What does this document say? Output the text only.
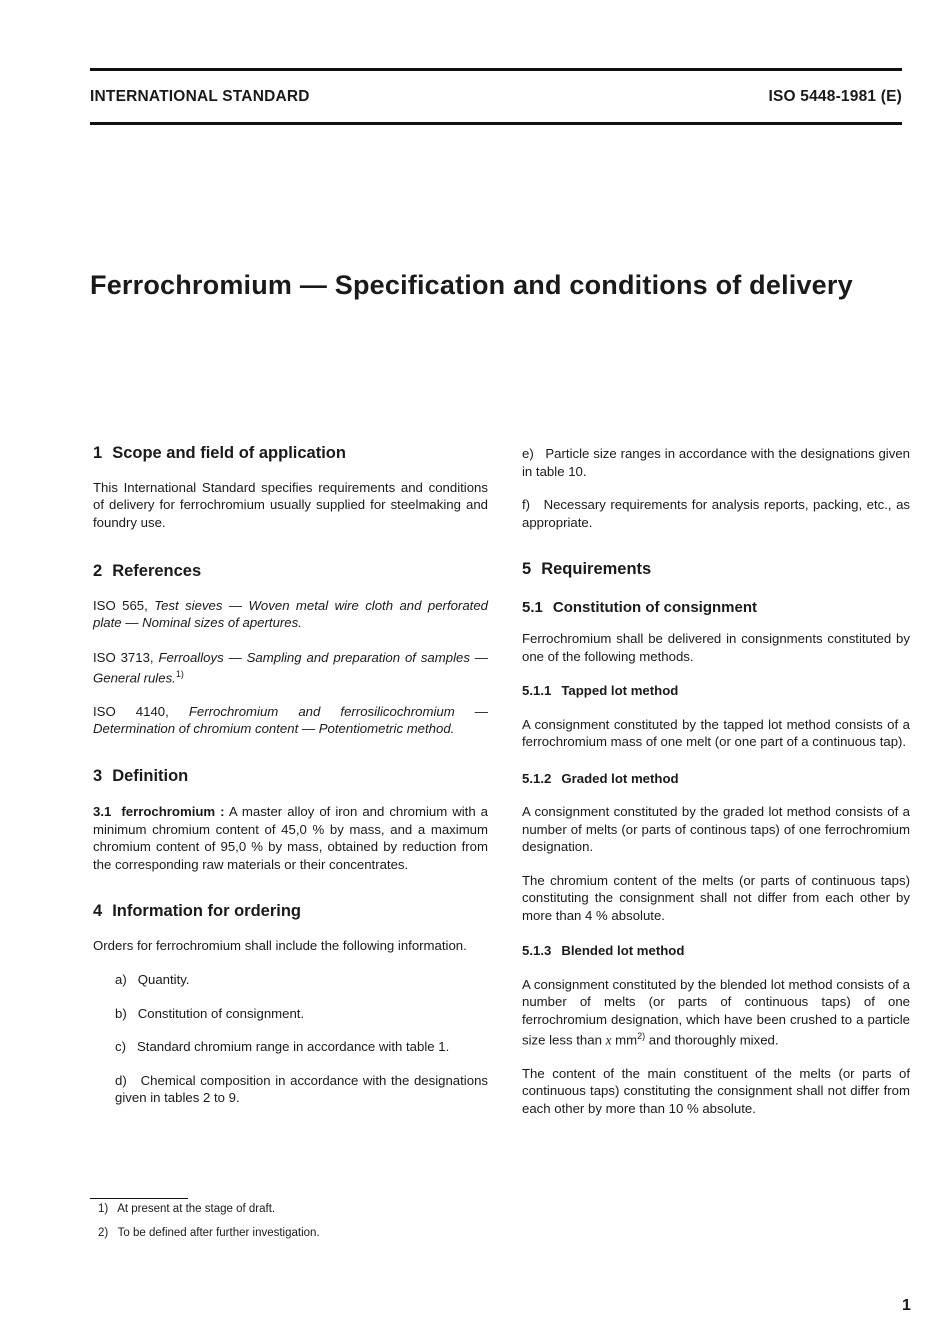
INTERNATIONAL STANDARD	ISO 5448-1981 (E)
Ferrochromium — Specification and conditions of delivery
1 Scope and field of application

This International Standard specifies requirements and conditions of delivery for ferrochromium usually supplied for steelmaking and foundry use.

2 References

ISO 565, Test sieves — Woven metal wire cloth and perforated plate — Nominal sizes of apertures.

ISO 3713, Ferroalloys — Sampling and preparation of samples — General rules.$^{1)}$

ISO 4140, Ferrochromium and ferrosilicochromium — Determination of chromium content — Potentiometric method.

3 Definition

3.1 ferrochromium : A master alloy of iron and chromium with a minimum chromium content of 45,0 % by mass, and a maximum chromium content of 95,0 % by mass, obtained by reduction from the corresponding raw materials or their concentrates.

4 Information for ordering

Orders for ferrochromium shall include the following information.

a) Quantity.

b) Constitution of consignment.

c) Standard chromium range in accordance with table 1.

d) Chemical composition in accordance with the designations given in tables 2 to 9.

e) Particle size ranges in accordance with the designations given in table 10.

f) Necessary requirements for analysis reports, packing, etc., as appropriate.

5 Requirements
5.1 Constitution of consignment

Ferrochromium shall be delivered in consignments constituted by one of the following methods.

5.1.1 Tapped lot method

A consignment constituted by the tapped lot method consists of a ferrochromium mass of one melt (or one part of a continuous tap).

5.1.2 Graded lot method

A consignment constituted by the graded lot method consists of a number of melts (or parts of continous taps) of one ferrochromium designation.

The chromium content of the melts (or parts of continuous taps) constituting the consignment shall not differ from each other by more than 4 % absolute.

5.1.3 Blended lot method

A consignment constituted by the blended lot method consists of a number of melts (or parts of continuous taps) of one ferrochromium designation, which have been crushed to a particle size less than x $mm^{2)}$ and thoroughly mixed.

The content of the main constituent of the melts (or parts of continuous taps) constituting the consignment shall not differ from each other by more than 10 % absolute.

1) At present at the stage of draft.
2) To be defined after further investigation.
1
